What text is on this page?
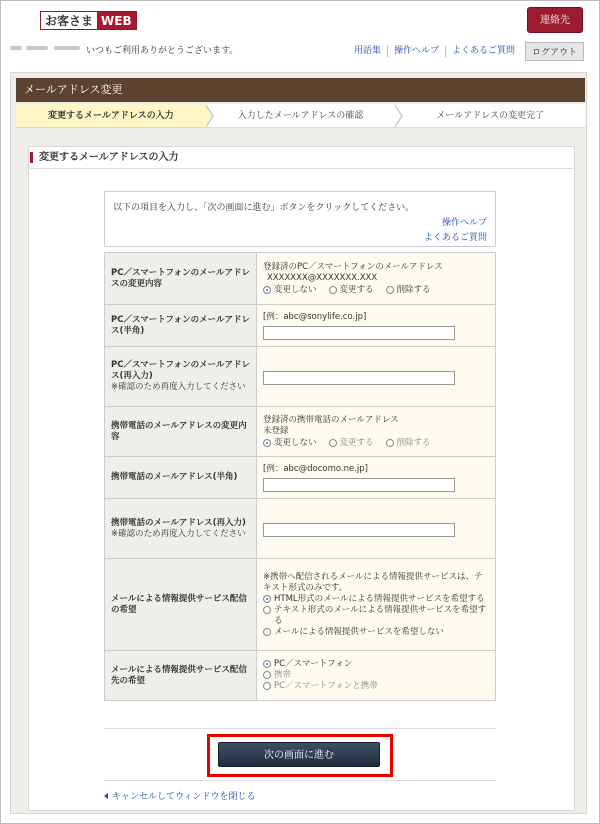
お客さま WEB	連絡先
いつもご利用ありがとうございます。	用語集	操作ヘルプ	よくあるご質問	ログアウト
メールアドレス変更
変更するメールアドレスの入力	入力したメールアドレスの確認	メールアドレスの変更完了
変更するメールアドレスの入力
以下の項目を入力し、「次の画面に進む」ボタンをクリックしてください。
操作ヘルプ
よくあるご質問
PC／スマートフォンのメールアドレスの変更内容	登録済のPC／スマートフォンのメールアドレス
XXXXXXX@XXXXXXX.XXX
変更しない 変更する 削除する

PC／スマートフォンのメールアドレス(半角)	[例：abc@sonylife.co.jp]

PC／スマートフォンのメールアドレス(再入力)
※確認のため再度入力してください

携帯電話のメールアドレスの変更内容	登録済の携帯電話のメールアドレス
未登録
変更しない 変更する 削除する

携帯電話のメールアドレス(半角)	[例：abc@docomo.ne.jp]

携帯電話のメールアドレス(再入力)
※確認のため再度入力してください

メールによる情報提供サービス配信の希望	※携帯へ配信されるメールによる情報提供サービスは、テキスト形式のみです。
HTML形式のメールによる情報提供サービスを希望する
テキスト形式のメールによる情報提供サービスを希望する
メールによる情報提供サービスを希望しない

メールによる情報提供サービス配信先の希望	PC／スマートフォン
携帯
PC／スマートフォンと携帯
次の画面に進む
キャンセルしてウィンドウを閉じる
